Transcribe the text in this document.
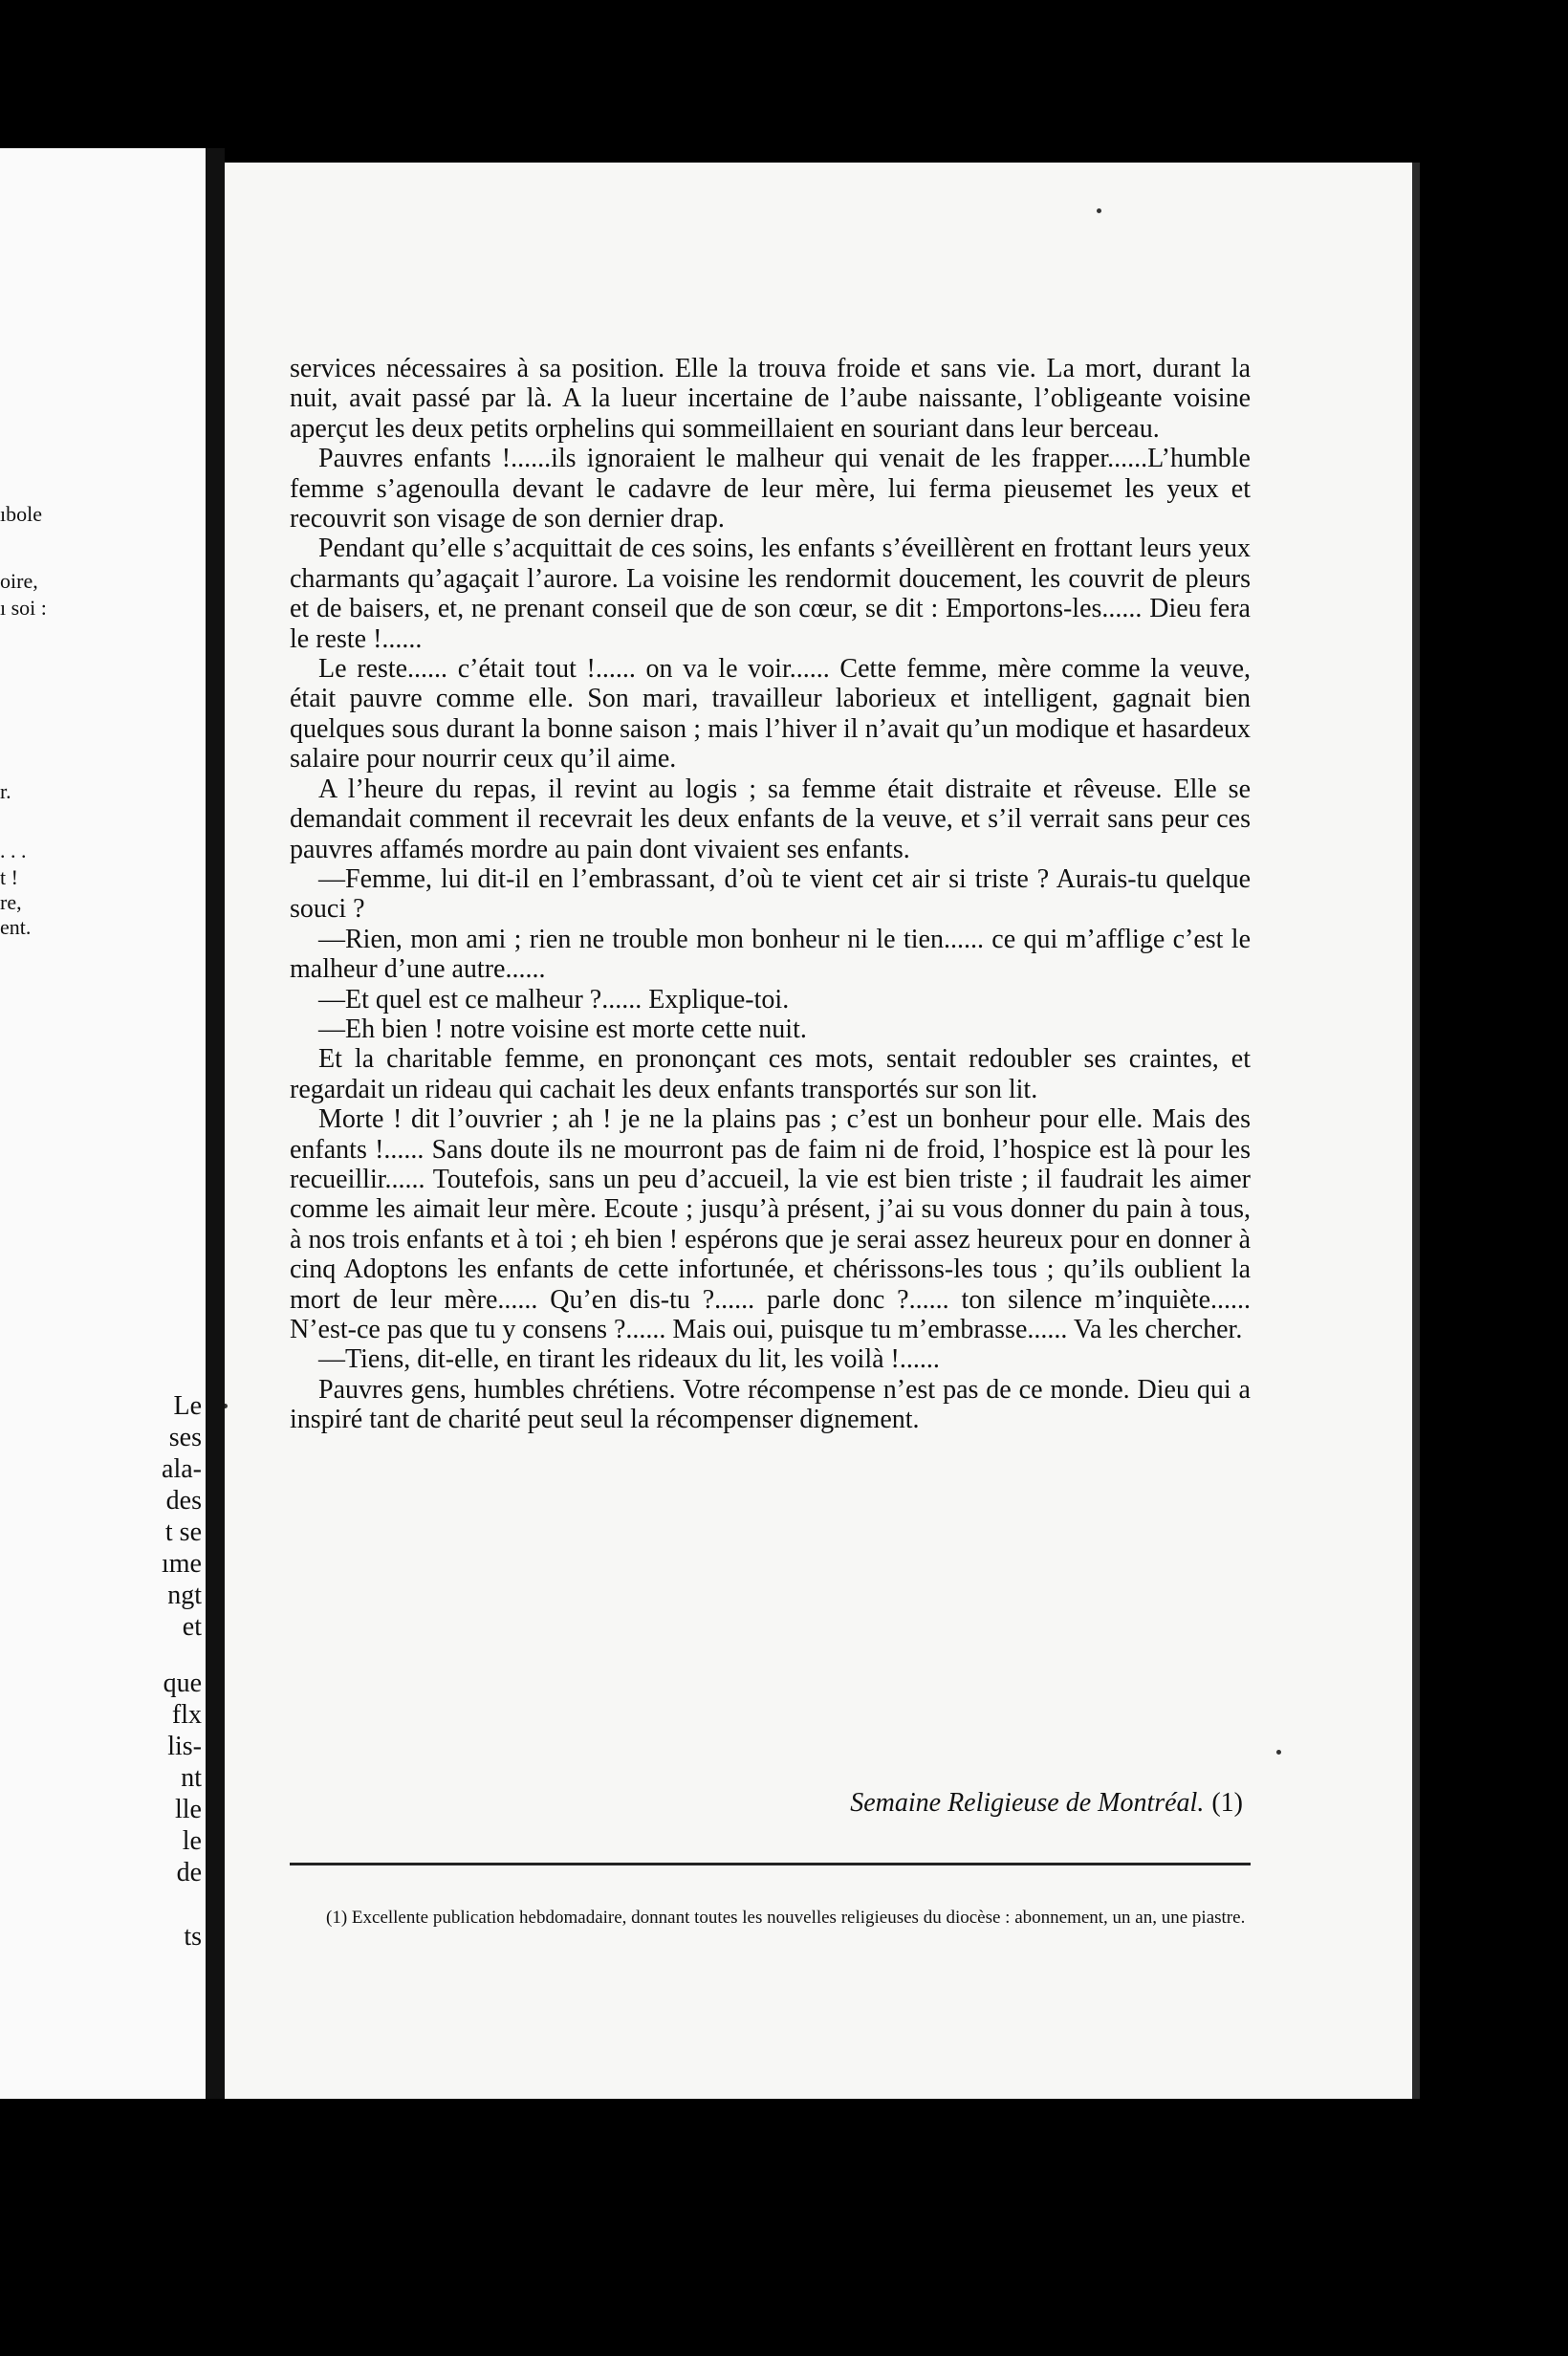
ıbole
oire,
ı soi :
r.
. . .
t !
re,
ent.
Le
ses
ala-
des
t se
ıme
ngt
et
que
flx
lis-
nt
lle
le
de
ts

services nécessaires à sa position. Elle la trouva froide et sans vie. La mort, durant la nuit, avait passé par là. A la lueur incertaine de l’aube naissante, l’obligeante voisine aperçut les deux petits orphelins qui sommeillaient en souriant dans leur berceau.

Pauvres enfants !......ils ignoraient le malheur qui venait de les frapper......L’humble femme s’agenoulla devant le cadavre de leur mère, lui ferma pieusemet les yeux et recouvrit son visage de son dernier drap.

Pendant qu’elle s’acquittait de ces soins, les enfants s’éveillèrent en frottant leurs yeux charmants qu’agaçait l’aurore. La voisine les rendormit doucement, les couvrit de pleurs et de baisers, et, ne prenant conseil que de son cœur, se dit : Emportons-les...... Dieu fera le reste !......

Le reste...... c’était tout !...... on va le voir...... Cette femme, mère comme la veuve, était pauvre comme elle. Son mari, travailleur laborieux et intelligent, gagnait bien quelques sous durant la bonne saison ; mais l’hiver il n’avait qu’un modique et hasardeux salaire pour nourrir ceux qu’il aime.

A l’heure du repas, il revint au logis ; sa femme était distraite et rêveuse. Elle se demandait comment il recevrait les deux enfants de la veuve, et s’il verrait sans peur ces pauvres affamés mordre au pain dont vivaient ses enfants.

—Femme, lui dit-il en l’embrassant, d’où te vient cet air si triste ? Aurais-tu quelque souci ?

—Rien, mon ami ; rien ne trouble mon bonheur ni le tien...... ce qui m’afflige c’est le malheur d’une autre......

—Et quel est ce malheur ?...... Explique-toi.

—Eh bien ! notre voisine est morte cette nuit.

Et la charitable femme, en prononçant ces mots, sentait redoubler ses craintes, et regardait un rideau qui cachait les deux enfants transportés sur son lit.

Morte ! dit l’ouvrier ; ah ! je ne la plains pas ; c’est un bonheur pour elle. Mais des enfants !...... Sans doute ils ne mourront pas de faim ni de froid, l’hospice est là pour les recueillir...... Toutefois, sans un peu d’accueil, la vie est bien triste ; il faudrait les aimer comme les aimait leur mère. Ecoute ; jusqu’à présent, j’ai su vous donner du pain à tous, à nos trois enfants et à toi ; eh bien ! espérons que je serai assez heureux pour en donner à cinq Adoptons les enfants de cette infortunée, et chérissons-les tous ; qu’ils oublient la mort de leur mère...... Qu’en dis-tu ?...... parle donc ?...... ton silence m’inquiète...... N’est-ce pas que tu y consens ?...... Mais oui, puisque tu m’embrasse...... Va les chercher.

—Tiens, dit-elle, en tirant les rideaux du lit, les voilà !......

Pauvres gens, humbles chrétiens. Votre récompense n’est pas de ce monde. Dieu qui a inspiré tant de charité peut seul la récompenser dignement.

Semaine Religieuse de Montréal. (1)
(1) Excellente publication hebdomadaire, donnant toutes les nouvelles religieuses du diocèse : abonnement, un an, une piastre.
